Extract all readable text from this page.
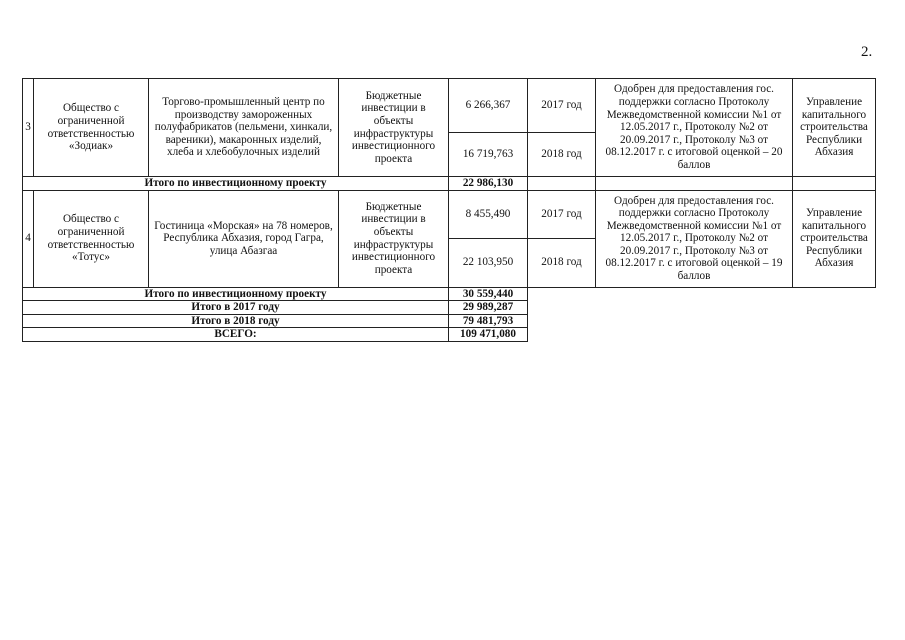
2.
3	Общество с ограниченной ответственностью «Зодиак»	Торгово-промышленный центр по производству замороженных полуфабрикатов (пельмени, хинкали, вареники), макаронных изделий, хлеба и хлебобулочных изделий	Бюджетные инвестиции в объекты инфраструктуры инвестиционного проекта	6 266,367	2017 год	Одобрен для предоставления гос. поддержки согласно Протоколу Межведомственной комиссии №1 от 12.05.2017 г., Протоколу №2 от 20.09.2017 г., Протоколу №3 от 08.12.2017 г. с итоговой оценкой – 20 баллов	Управление капитального строительства Республики Абхазия
				16 719,763	2018 год		
Итого по инвестиционному проекту				22 986,130			
4	Общество с ограниченной ответственностью «Тотус»	Гостиница «Морская» на 78 номеров, Республика Абхазия, город Гагра, улица Абазгаа	Бюджетные инвестиции в объекты инфраструктуры инвестиционного проекта	8 455,490	2017 год	Одобрен для предоставления гос. поддержки согласно Протоколу Межведомственной комиссии №1 от 12.05.2017 г., Протоколу №2 от 20.09.2017 г., Протоколу №3 от 08.12.2017 г. с итоговой оценкой – 19 баллов	Управление капитального строительства Республики Абхазия
				22 103,950	2018 год		
Итого по инвестиционному проекту				30 559,440			
Итого в 2017 году				29 989,287			
Итого в 2018 году				79 481,793			
ВСЕГО:				109 471,080			
